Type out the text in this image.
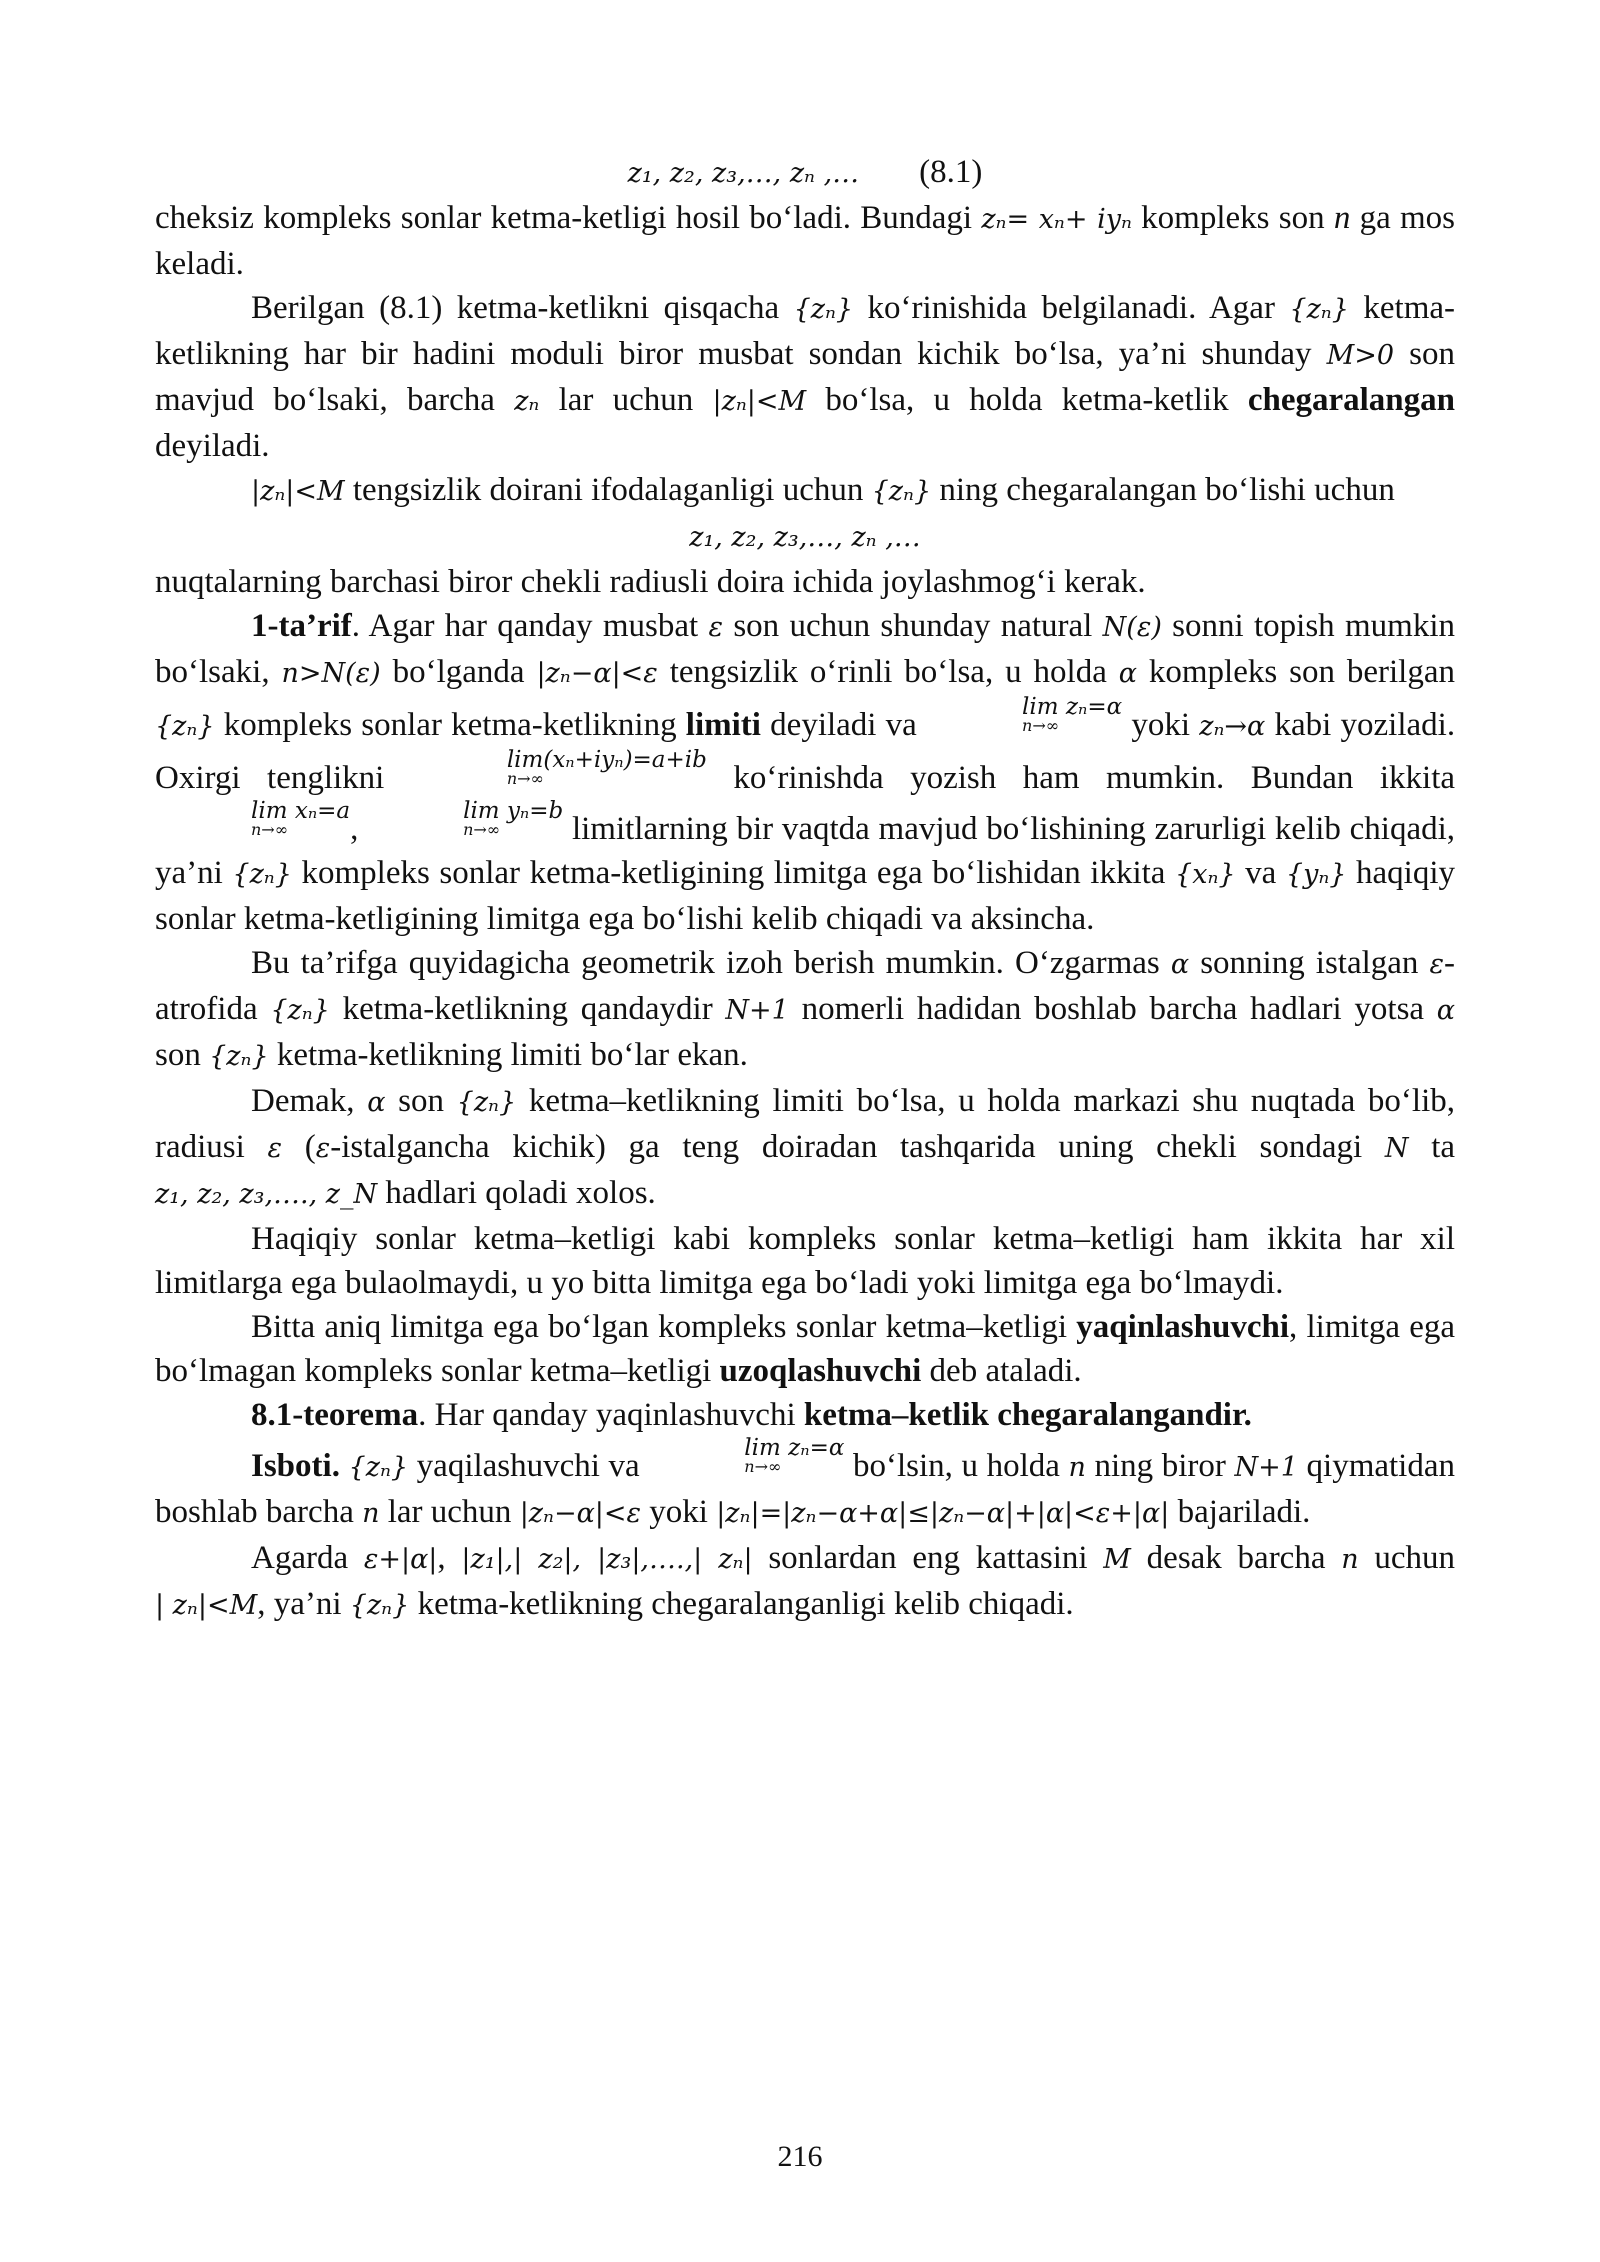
z₁, z₂, z₃,…, zₙ ,… (8.1)

cheksiz kompleks sonlar ketma-ketligi hosil bo‘ladi. Bundagi zₙ= xₙ+ iyₙ kompleks son n ga mos keladi.

Berilgan (8.1) ketma-ketlikni qisqacha {zₙ} ko‘rinishida belgilanadi. Agar {zₙ} ketma-ketlikning har bir hadini moduli biror musbat sondan kichik bo‘lsa, ya’ni shunday M>0 son mavjud bo‘lsaki, barcha zₙ lar uchun |zₙ|<M bo‘lsa, u holda ketma-ketlik chegaralangan deyiladi.

|zₙ|<M tengsizlik doirani ifodalaganligi uchun {zₙ} ning chegaralangan bo‘lishi uchun

z₁, z₂, z₃,…, zₙ ,…

nuqtalarning barchasi biror chekli radiusli doira ichida joylashmog‘i kerak.

1-ta’rif. Agar har qanday musbat ε son uchun shunday natural N(ε) sonni topish mumkin bo‘lsaki, n>N(ε) bo‘lganda |zₙ−α|<ε tengsizlik o‘rinli bo‘lsa, u holda α kompleks son berilgan {zₙ} kompleks sonlar ketma-ketlikning limiti deyiladi va	lim zₙ=α
n→∞	yoki zₙ→α kabi yoziladi. Oxirgi tenglikni	lim(xₙ+iyₙ)=a+ib
n→∞	ko‘rinishda yozish ham mumkin. Bundan ikkita lim xₙ=a
n→∞	,	lim yₙ=b
n→∞	limitlarning bir vaqtda mavjud bo‘lishining zarurligi kelib chiqadi, ya’ni {zₙ} kompleks sonlar ketma-ketligining limitga ega bo‘lishidan ikkita {xₙ} va {yₙ} haqiqiy sonlar ketma-ketligining limitga ega bo‘lishi kelib chiqadi va aksincha.

Bu ta’rifga quyidagicha geometrik izoh berish mumkin. O‘zgarmas α sonning istalgan ε-atrofida {zₙ} ketma-ketlikning qandaydir N+1 nomerli hadidan boshlab barcha hadlari yotsa α son {zₙ} ketma-ketlikning limiti bo‘lar ekan.

Demak, α son {zₙ} ketma–ketlikning limiti bo‘lsa, u holda markazi shu nuqtada bo‘lib, radiusi ε (ε-istalgancha kichik) ga teng doiradan tashqarida uning chekli sondagi N ta z₁, z₂, z₃,…., z_N hadlari qoladi xolos.

Haqiqiy sonlar ketma–ketligi kabi kompleks sonlar ketma–ketligi ham ikkita har xil limitlarga ega bulaolmaydi, u yo bitta limitga ega bo‘ladi yoki limitga ega bo‘lmaydi.

Bitta aniq limitga ega bo‘lgan kompleks sonlar ketma–ketligi yaqinlashuvchi, limitga ega bo‘lmagan kompleks sonlar ketma–ketligi uzoqlashuvchi deb ataladi.

8.1-teorema. Har qanday yaqinlashuvchi ketma–ketlik chegaralangandir.

Isboti. {zₙ} yaqilashuvchi va	lim zₙ=α
n→∞	bo‘lsin, u holda n ning biror N+1 qiymatidan boshlab barcha n lar uchun |zₙ−α|<ε yoki |zₙ|=|zₙ−α+α|≤|zₙ−α|+|α|<ε+|α| bajariladi.

Agarda ε+|α|, |z₁|,| z₂|, |z₃|,….,| zₙ| sonlardan eng kattasini M desak barcha n uchun | zₙ|<M, ya’ni {zₙ} ketma-ketlikning chegaralanganligi kelib chiqadi.

216
